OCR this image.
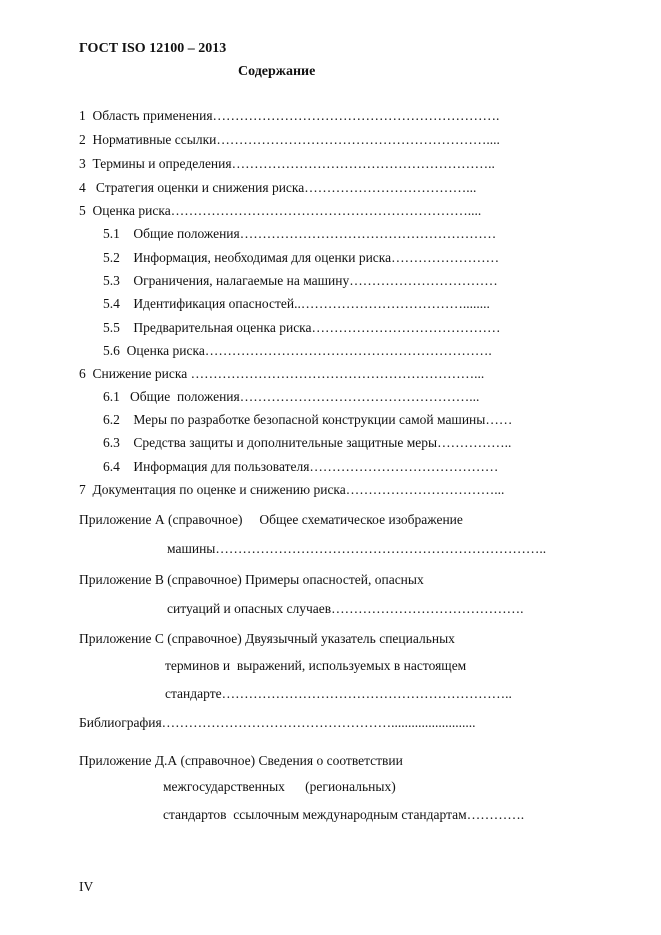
ГОСТ ISO 12100 – 2013
Содержание
1  Область применения……………………………………………………….
2  Нормативные ссылки……………………………………………………....
3  Термины и определения…………………………………………………..
4   Стратегия оценки и снижения риска………………………………...
5  Оценка риска…………………………………………………………....
5.1    Общие положения…………………………………………………
5.2    Информация, необходимая для оценки риска……………………
5.3    Ограничения, налагаемые на машину……………………………
5.4    Идентификация опасностей..………………………………........
5.5    Предварительная оценка риска……………………………………
5.6  Оценка риска……………………………………………………….
6  Снижение риска ………………………………………………………...
6.1   Общие  положения……………………………………………...
6.2    Меры по разработке безопасной конструкции самой машины……
6.3    Средства защиты и дополнительные защитные меры……………..
6.4    Информация для пользователя……………………………………
7  Документация по оценке и снижению риска……………………………...
Приложение А (справочное)     Общее схематическое изображение
машины………………………………………………………………..
Приложение В (справочное) Примеры опасностей, опасных
ситуаций и опасных случаев…………………………………….
Приложение С (справочное) Двуязычный указатель специальных
терминов и  выражений, используемых в настоящем
стандарте………………………………………………………..
Библиография…………………………………………….........................
Приложение Д.А (справочное) Сведения о соответствии
межгосударственных      (региональных)
стандартов  ссылочным международным стандартам………….
IV
